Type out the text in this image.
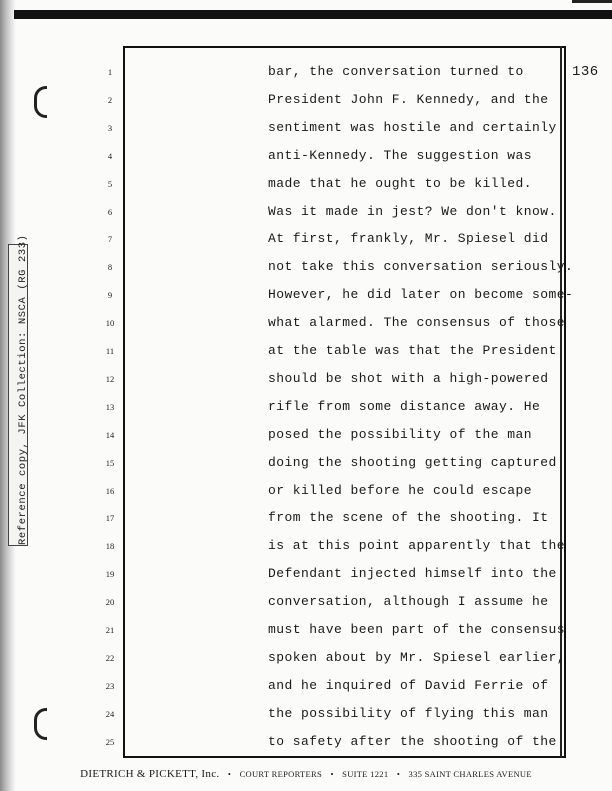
136
Reference copy, JFK Collection: NSCA (RG 233)
1	bar, the conversation turned to
2	President John F. Kennedy, and the
3	sentiment was hostile and certainly
4	anti-Kennedy. The suggestion was
5	made that he ought to be killed.
6	Was it made in jest? We don't know.
7	At first, frankly, Mr. Spiesel did
8	not take this conversation seriously.
9	However, he did later on become some-
10	what alarmed. The consensus of those
11	at the table was that the President
12	should be shot with a high-powered
13	rifle from some distance away. He
14	posed the possibility of the man
15	doing the shooting getting captured
16	or killed before he could escape
17	from the scene of the shooting. It
18	is at this point apparently that the
19	Defendant injected himself into the
20	conversation, although I assume he
21	must have been part of the consensus
22	spoken about by Mr. Spiesel earlier,
23	and he inquired of David Ferrie of
24	the possibility of flying this man
25	to safety after the shooting of the
DIETRICH & PICKETT, Inc. • COURT REPORTERS • SUITE 1221 • 335 SAINT CHARLES AVENUE
